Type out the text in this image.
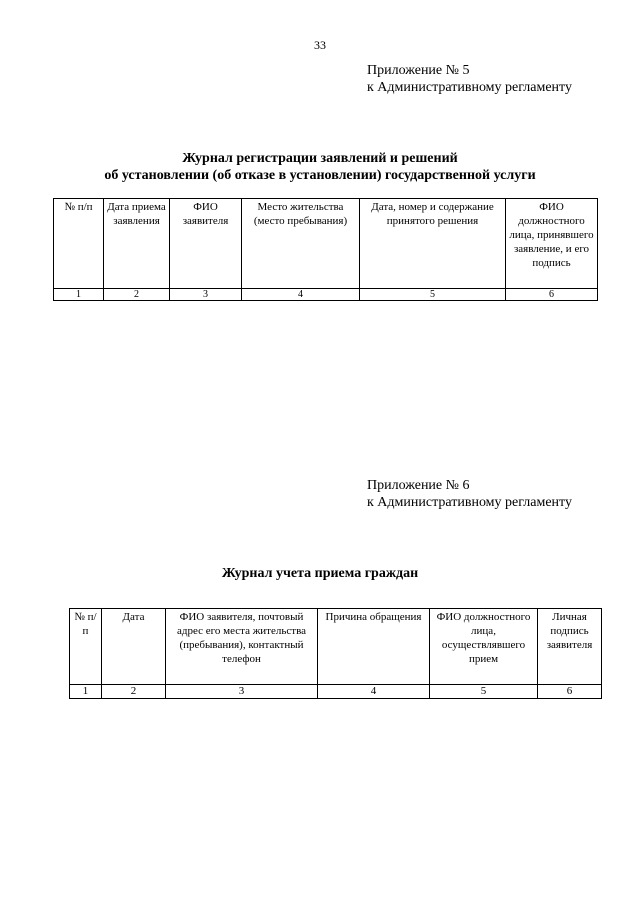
33
Приложение № 5
к Административному регламенту
Журнал регистрации заявлений и решений
об установлении (об отказе в установлении) государственной услуги
№ п/п	Дата приема заявления	ФИО заявителя	Место жительства (место пребывания)	Дата, номер и содержание принятого решения	ФИО должностного лица, принявшего заявление, и его подпись
1	2	3	4	5	6
Приложение № 6
к Административному регламенту
Журнал учета приема граждан
№ п/п	Дата	ФИО заявителя, почтовый адрес его места жительства (пребывания), контактный телефон	Причина обращения	ФИО должностного лица, осуществлявшего прием	Личная подпись заявителя
1	2	3	4	5	6
